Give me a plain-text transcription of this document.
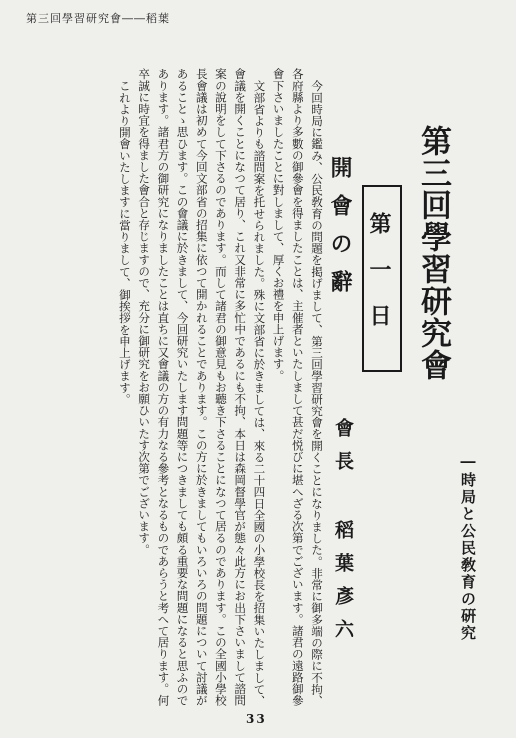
第三回學習研究會――稻葉
第三回學習研究會
―時局と公民敎育の硏究
第一日
開會の辭
會長 稻葉彥六

今回時局に鑑み、公民敎育の問題を掲げまして、第三回學習研究會を開くことになりました。非常に御多端の際に不拘、各府縣より多數の御參會を得ましたことは、主催者といたしまして甚だ悦びに堪へざる次第でございます。諸君の遠路御參會下さいましたことに對しまして、厚くお禮を申上げます。

文部省よりも諮問案を托せられました。殊に文部省に於きましては、來る二十四日全國の小學校長を招集いたしまして、會議を開くことになつて居り、これ又非常に多忙中であるにも不拘、本日は森岡督學官が態々此方にお出下さいまして諮問案の說明をして下さるのであります。而して諸君の御意見もお聽き下さることになつて居るのであります。この全國小學校長會議は初めて今回文部省の招集に依つて開かれることであります。この方に於きましてもいろいろの問題について討議があることゝ思ひます。この會議に於きまして、今回研究いたします問題等につきましても頗る重要な問題になると思ふのであります。諸君方の御研究になりましたことは直ちに又會議の方の有力なる參考となるものであらうと考へて居ります。何卒誠に時宜を得ました會合と存じますので、充分に御研究をお願ひいたす次第でございます。

これより開會いたしますに當りまして、御挨拶を申上げます。

33
